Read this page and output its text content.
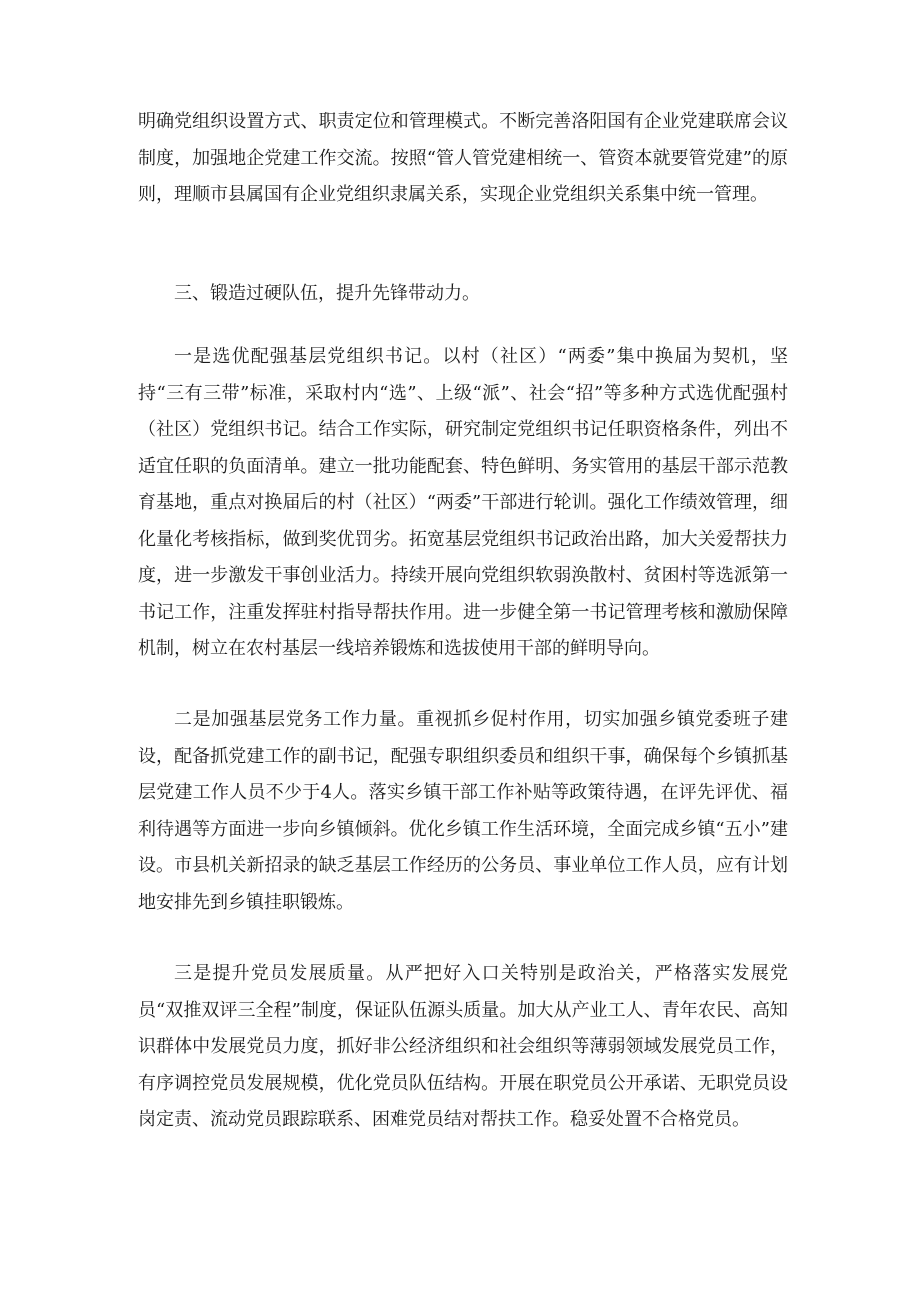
明确党组织设置方式、职责定位和管理模式。不断完善洛阳国有企业党建联席会议制度，加强地企党建工作交流。按照“管人管党建相统一、管资本就要管党建”的原则，理顺市县属国有企业党组织隶属关系，实现企业党组织关系集中统一管理。

三、锻造过硬队伍，提升先锋带动力。

一是选优配强基层党组织书记。以村（社区）“两委”集中换届为契机，坚持“三有三带”标准，采取村内“选”、上级“派”、社会“招”等多种方式选优配强村（社区）党组织书记。结合工作实际，研究制定党组织书记任职资格条件，列出不适宜任职的负面清单。建立一批功能配套、特色鲜明、务实管用的基层干部示范教育基地，重点对换届后的村（社区）“两委”干部进行轮训。强化工作绩效管理，细化量化考核指标，做到奖优罚劣。拓宽基层党组织书记政治出路，加大关爱帮扶力度，进一步激发干事创业活力。持续开展向党组织软弱涣散村、贫困村等选派第一书记工作，注重发挥驻村指导帮扶作用。进一步健全第一书记管理考核和激励保障机制，树立在农村基层一线培养锻炼和选拔使用干部的鲜明导向。

二是加强基层党务工作力量。重视抓乡促村作用，切实加强乡镇党委班子建设，配备抓党建工作的副书记，配强专职组织委员和组织干事，确保每个乡镇抓基层党建工作人员不少于4人。落实乡镇干部工作补贴等政策待遇，在评先评优、福利待遇等方面进一步向乡镇倾斜。优化乡镇工作生活环境，全面完成乡镇“五小”建设。市县机关新招录的缺乏基层工作经历的公务员、事业单位工作人员，应有计划地安排先到乡镇挂职锻炼。

三是提升党员发展质量。从严把好入口关特别是政治关，严格落实发展党员“双推双评三全程”制度，保证队伍源头质量。加大从产业工人、青年农民、高知识群体中发展党员力度，抓好非公经济组织和社会组织等薄弱领域发展党员工作，有序调控党员发展规模，优化党员队伍结构。开展在职党员公开承诺、无职党员设岗定责、流动党员跟踪联系、困难党员结对帮扶工作。稳妥处置不合格党员。
